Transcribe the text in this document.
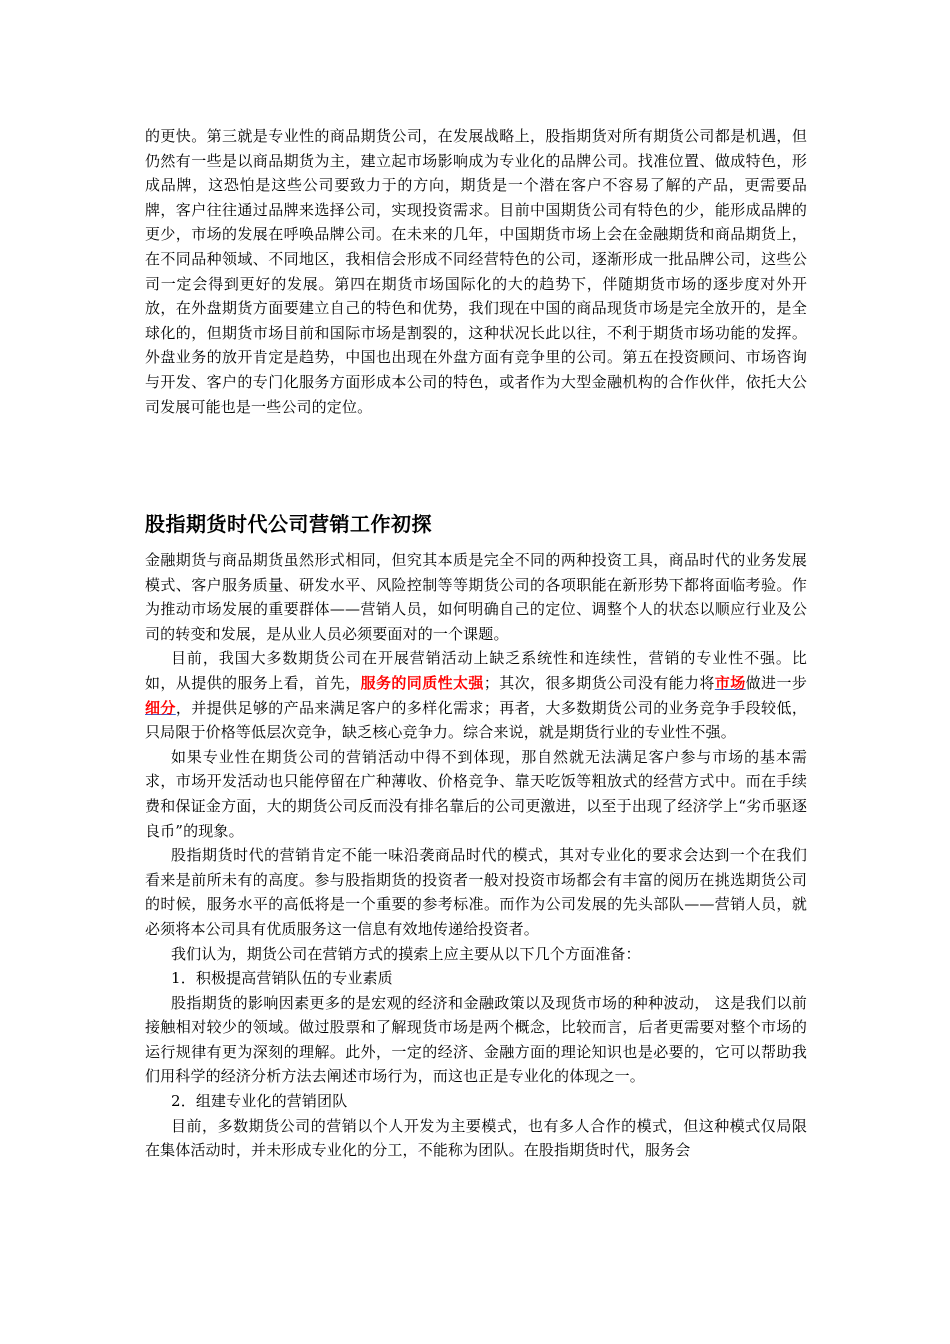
的更快。第三就是专业性的商品期货公司，在发展战略上，股指期货对所有期货公司都是机遇，但仍然有一些是以商品期货为主，建立起市场影响成为专业化的品牌公司。找准位置、做成特色，形成品牌，这恐怕是这些公司要致力于的方向，期货是一个潜在客户不容易了解的产品，更需要品牌，客户往往通过品牌来选择公司，实现投资需求。目前中国期货公司有特色的少，能形成品牌的更少，市场的发展在呼唤品牌公司。在未来的几年，中国期货市场上会在金融期货和商品期货上，在不同品种领域、不同地区，我相信会形成不同经营特色的公司，逐渐形成一批品牌公司，这些公司一定会得到更好的发展。第四在期货市场国际化的大的趋势下，伴随期货市场的逐步度对外开放，在外盘期货方面要建立自己的特色和优势，我们现在中国的商品现货市场是完全放开的，是全球化的，但期货市场目前和国际市场是割裂的，这种状况长此以往，不利于期货市场功能的发挥。外盘业务的放开肯定是趋势，中国也出现在外盘方面有竞争里的公司。第五在投资顾问、市场咨询与开发、客户的专门化服务方面形成本公司的特色，或者作为大型金融机构的合作伙伴，依托大公司发展可能也是一些公司的定位。

股指期货时代公司营销工作初探

金融期货与商品期货虽然形式相同，但究其本质是完全不同的两种投资工具，商品时代的业务发展模式、客户服务质量、研发水平、风险控制等等期货公司的各项职能在新形势下都将面临考验。作为推动市场发展的重要群体——营销人员，如何明确自己的定位、调整个人的状态以顺应行业及公司的转变和发展，是从业人员必须要面对的一个课题。

目前，我国大多数期货公司在开展营销活动上缺乏系统性和连续性，营销的专业性不强。比如，从提供的服务上看，首先，服务的同质性太强；其次，很多期货公司没有能力将市场做进一步细分，并提供足够的产品来满足客户的多样化需求；再者，大多数期货公司的业务竞争手段较低，只局限于价格等低层次竞争，缺乏核心竞争力。综合来说，就是期货行业的专业性不强。

如果专业性在期货公司的营销活动中得不到体现，那自然就无法满足客户参与市场的基本需求，市场开发活动也只能停留在广种薄收、价格竞争、靠天吃饭等粗放式的经营方式中。而在手续费和保证金方面，大的期货公司反而没有排名靠后的公司更激进，以至于出现了经济学上“劣币驱逐良币”的现象。

股指期货时代的营销肯定不能一味沿袭商品时代的模式，其对专业化的要求会达到一个在我们看来是前所未有的高度。参与股指期货的投资者一般对投资市场都会有丰富的阅历在挑选期货公司的时候，服务水平的高低将是一个重要的参考标准。而作为公司发展的先头部队——营销人员，就必须将本公司具有优质服务这一信息有效地传递给投资者。

我们认为，期货公司在营销方式的摸索上应主要从以下几个方面准备：

1．积极提高营销队伍的专业素质

股指期货的影响因素更多的是宏观的经济和金融政策以及现货市场的种种波动， 这是我们以前接触相对较少的领域。做过股票和了解现货市场是两个概念，比较而言，后者更需要对整个市场的运行规律有更为深刻的理解。此外，一定的经济、金融方面的理论知识也是必要的，它可以帮助我们用科学的经济分析方法去阐述市场行为，而这也正是专业化的体现之一。

2．组建专业化的营销团队

目前，多数期货公司的营销以个人开发为主要模式，也有多人合作的模式，但这种模式仅局限在集体活动时，并未形成专业化的分工，不能称为团队。在股指期货时代，服务会
